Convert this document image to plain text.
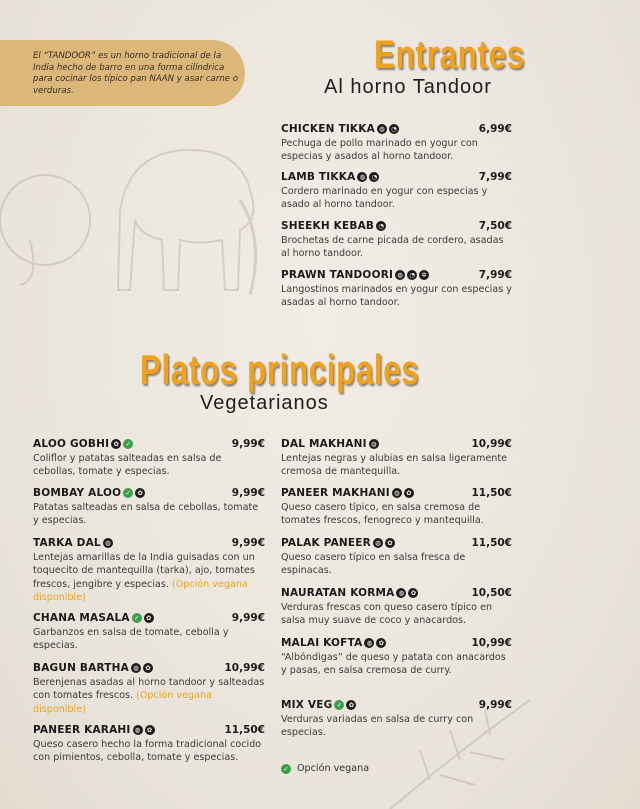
El “TANDOOR” es un horno tradicional de la India hecho de barro en una forma cilíndrica para cocinar los típico pan NAAN y asar carne o verduras.

Entrantes
Al horno Tandoor
Platos principales
Vegetarianos
CHICKEN TIKKA ◍ ◔	6,99€
Pechuga de pollo marinado en yogur con especias y asados al horno tandoor.
LAMB TIKKA ◍ ◔	7,99€
Cordero marinado en yogur con especias y asado al horno tandoor.
SHEEKH KEBAB ◔	7,50€
Brochetas de carne picada de cordero, asadas al horno tandoor.
PRAWN TANDOORI ◍ ◔ ✲	7,99€
Langostinos marinados en yogur con especias y asadas al horno tandoor.
ALOO GOBHI ✿	✓	9,99€
Coliflor y patatas salteadas en salsa de cebollas, tomate y especias.
BOMBAY ALOO ✓	✿	9,99€
Patatas salteadas en salsa de cebollas, tomate y especias.
TARKA DAL ◍	9,99€
Lentejas amarillas de la India guisadas con un toquecito de mantequilla (tarka), ajo, tomates frescos, jengibre y especias. (Opción vegana disponible)
CHANA MASALA ✓	✿	9,99€
Garbanzos en salsa de tomate, cebolla y especias.
BAGUN BARTHA ◍ ✿	10,99€
Berenjenas asadas al horno tandoor y salteadas con tomates frescos. (Opción vegana disponible)
PANEER KARAHI ◍ ✿	11,50€
Queso casero hecho la forma tradicional cocido con pimientos, cebolla, tomate y especias.
DAL MAKHANI ◍	10,99€
Lentejas negras y alubias en salsa ligeramente cremosa de mantequilla.
PANEER MAKHANI ◍ ✿	11,50€
Queso casero típico, en salsa cremosa de tomates frescos, fenogreco y mantequilla.
PALAK PANEER ◍ ✿	11,50€
Queso casero típico en salsa fresca de espinacas.
NAURATAN KORMA ◍ ✿	10,50€
Verduras frescas con queso casero típico en salsa muy suave de coco y anacardos.
MALAI KOFTA ◍ ✿	10,99€
“Albóndigas” de queso y patata con anacardos y pasas, en salsa cremosa de curry.
MIX VEG ✓	✿	9,99€
Verduras variadas en salsa de curry con especias.
✓ Opción vegana
